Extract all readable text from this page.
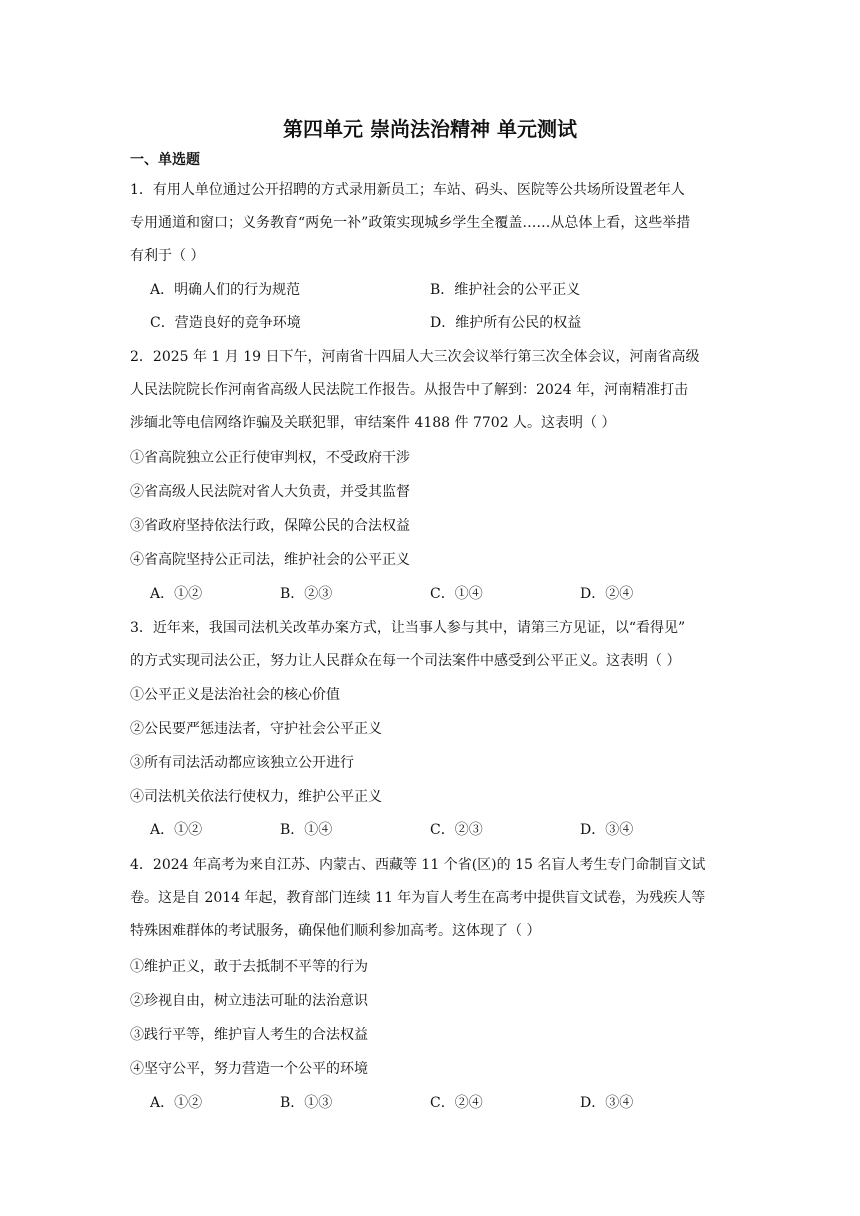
第四单元 崇尚法治精神 单元测试
一、单选题
1．有用人单位通过公开招聘的方式录用新员工；车站、码头、医院等公共场所设置老年人
专用通道和窗口；义务教育“两免一补”政策实现城乡学生全覆盖……从总体上看，这些举措
有利于（ ）
A．明确人们的行为规范	B．维护社会的公平正义
C．营造良好的竞争环境	D．维护所有公民的权益
2．2025 年 1 月 19 日下午，河南省十四届人大三次会议举行第三次全体会议，河南省高级
人民法院院长作河南省高级人民法院工作报告。从报告中了解到：2024 年，河南精准打击
涉缅北等电信网络诈骗及关联犯罪，审结案件 4188 件 7702 人。这表明（ ）
①省高院独立公正行使审判权，不受政府干涉
②省高级人民法院对省人大负责，并受其监督
③省政府坚持依法行政，保障公民的合法权益
④省高院坚持公正司法，维护社会的公平正义
A．①②	B．②③	C．①④	D．②④
3．近年来，我国司法机关改革办案方式，让当事人参与其中，请第三方见证，以“看得见”
的方式实现司法公正，努力让人民群众在每一个司法案件中感受到公平正义。这表明（ ）
①公平正义是法治社会的核心价值
②公民要严惩违法者，守护社会公平正义
③所有司法活动都应该独立公开进行
④司法机关依法行使权力，维护公平正义
A．①②	B．①④	C．②③	D．③④
4．2024 年高考为来自江苏、内蒙古、西藏等 11 个省(区)的 15 名盲人考生专门命制盲文试
卷。这是自 2014 年起，教育部门连续 11 年为盲人考生在高考中提供盲文试卷，为残疾人等
特殊困难群体的考试服务，确保他们顺利参加高考。这体现了（ ）
①维护正义，敢于去抵制不平等的行为
②珍视自由，树立违法可耻的法治意识
③践行平等，维护盲人考生的合法权益
④坚守公平，努力营造一个公平的环境
A．①②	B．①③	C．②④	D．③④
